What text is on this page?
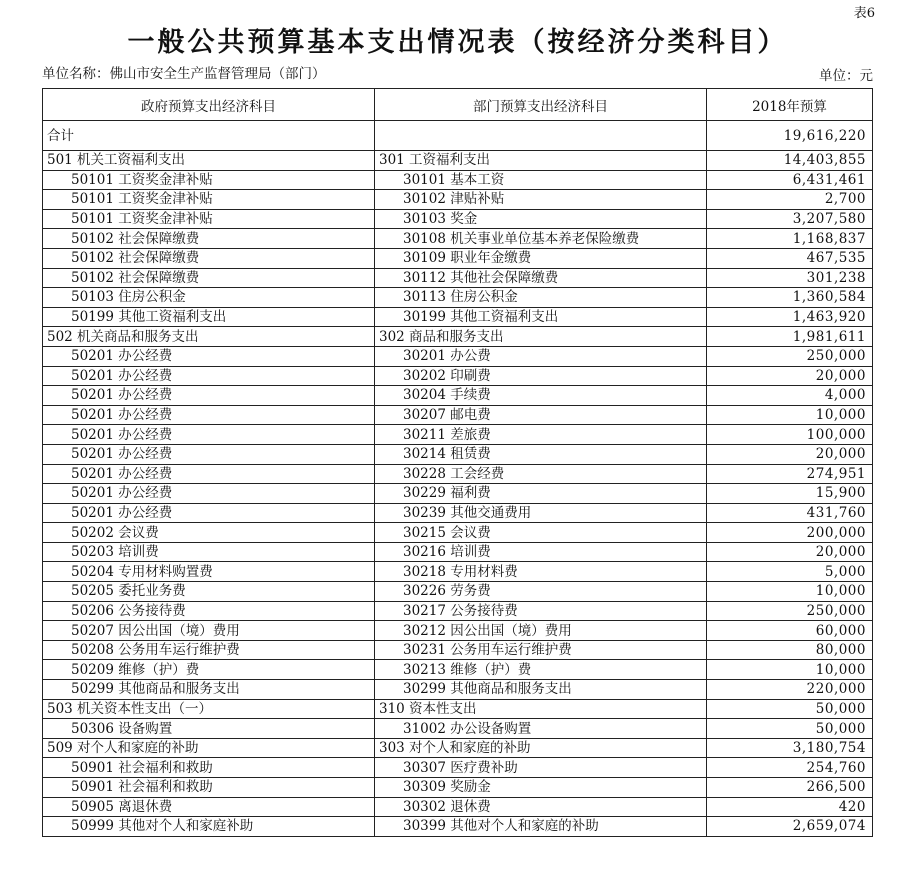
表6
一般公共预算基本支出情况表（按经济分类科目）
单位名称：佛山市安全生产监督管理局（部门）	单位：元
政府预算支出经济科目	部门预算支出经济科目	2018年预算
合计		19,616,220
501 机关工资福利支出	301 工资福利支出	14,403,855
50101 工资奖金津补贴	30101 基本工资	6,431,461
50101 工资奖金津补贴	30102 津贴补贴	2,700
50101 工资奖金津补贴	30103 奖金	3,207,580
50102 社会保障缴费	30108 机关事业单位基本养老保险缴费	1,168,837
50102 社会保障缴费	30109 职业年金缴费	467,535
50102 社会保障缴费	30112 其他社会保障缴费	301,238
50103 住房公积金	30113 住房公积金	1,360,584
50199 其他工资福利支出	30199 其他工资福利支出	1,463,920
502 机关商品和服务支出	302 商品和服务支出	1,981,611
50201 办公经费	30201 办公费	250,000
50201 办公经费	30202 印刷费	20,000
50201 办公经费	30204 手续费	4,000
50201 办公经费	30207 邮电费	10,000
50201 办公经费	30211 差旅费	100,000
50201 办公经费	30214 租赁费	20,000
50201 办公经费	30228 工会经费	274,951
50201 办公经费	30229 福利费	15,900
50201 办公经费	30239 其他交通费用	431,760
50202 会议费	30215 会议费	200,000
50203 培训费	30216 培训费	20,000
50204 专用材料购置费	30218 专用材料费	5,000
50205 委托业务费	30226 劳务费	10,000
50206 公务接待费	30217 公务接待费	250,000
50207 因公出国（境）费用	30212 因公出国（境）费用	60,000
50208 公务用车运行维护费	30231 公务用车运行维护费	80,000
50209 维修（护）费	30213 维修（护）费	10,000
50299 其他商品和服务支出	30299 其他商品和服务支出	220,000
503 机关资本性支出（一）	310 资本性支出	50,000
50306 设备购置	31002 办公设备购置	50,000
509 对个人和家庭的补助	303 对个人和家庭的补助	3,180,754
50901 社会福利和救助	30307 医疗费补助	254,760
50901 社会福利和救助	30309 奖励金	266,500
50905 离退休费	30302 退休费	420
50999 其他对个人和家庭补助	30399 其他对个人和家庭的补助	2,659,074
